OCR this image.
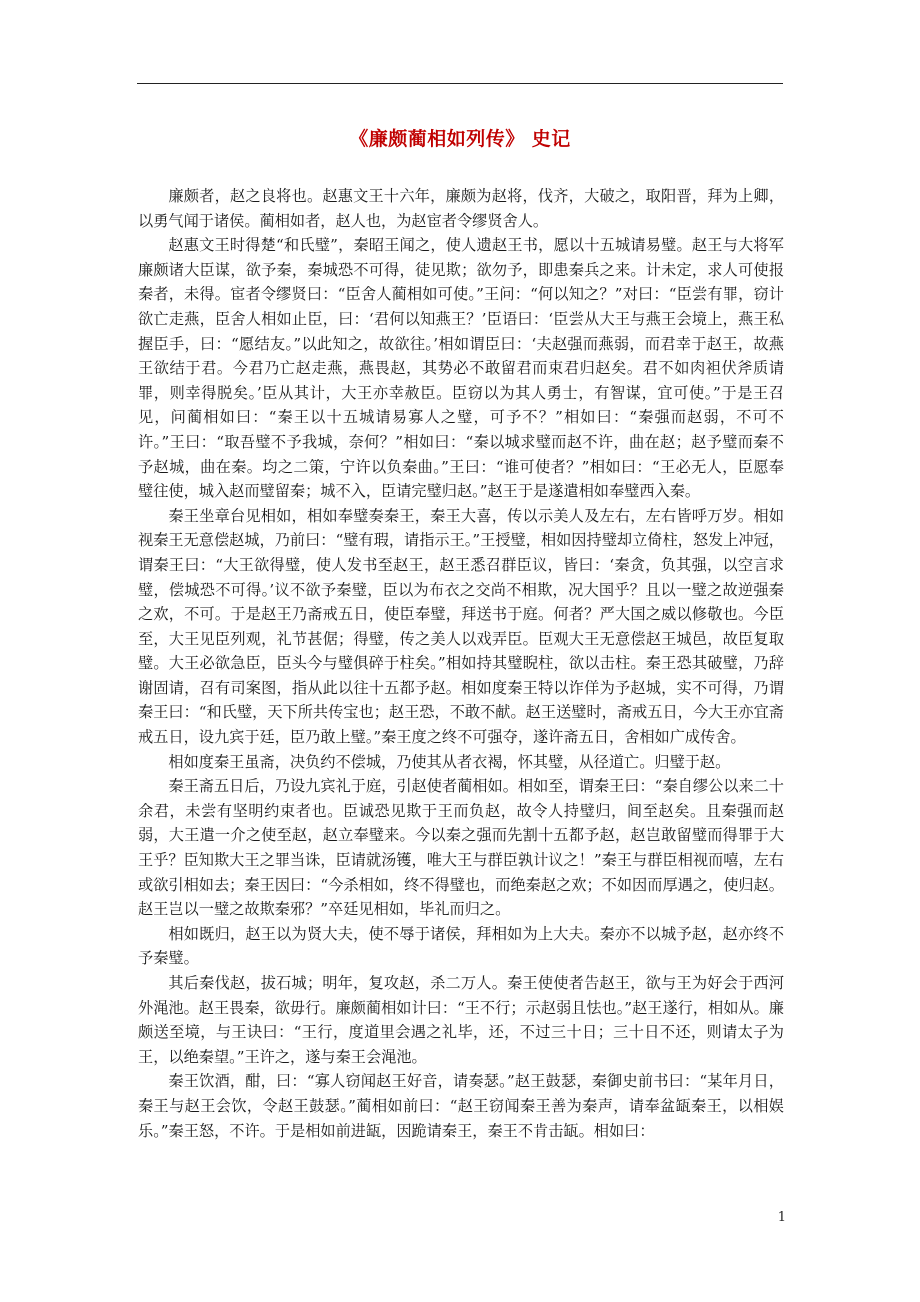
《廉颇蔺相如列传》 史记

廉颇者，赵之良将也。赵惠文王十六年，廉颇为赵将，伐齐，大破之，取阳晋，拜为上卿，以勇气闻于诸侯。蔺相如者，赵人也，为赵宦者令缪贤舍人。

赵惠文王时得楚“和氏璧”，秦昭王闻之，使人遗赵王书，愿以十五城请易璧。赵王与大将军廉颇诸大臣谋，欲予秦，秦城恐不可得，徒见欺；欲勿予，即患秦兵之来。计未定，求人可使报秦者，未得。宦者令缪贤曰：“臣舍人蔺相如可使。”王问：“何以知之？”对曰：“臣尝有罪，窃计欲亡走燕，臣舍人相如止臣，曰：‘君何以知燕王？’臣语曰：‘臣尝从大王与燕王会境上，燕王私握臣手，曰：“愿结友。”以此知之，故欲往。’相如谓臣曰：‘夫赵强而燕弱，而君幸于赵王，故燕王欲结于君。今君乃亡赵走燕，燕畏赵，其势必不敢留君而束君归赵矣。君不如肉袒伏斧质请罪，则幸得脱矣。’臣从其计，大王亦幸赦臣。臣窃以为其人勇士，有智谋，宜可使。”于是王召见，问蔺相如曰：“秦王以十五城请易寡人之璧，可予不？”相如曰：“秦强而赵弱，不可不许。”王曰：“取吾璧不予我城，奈何？”相如曰：“秦以城求璧而赵不许，曲在赵；赵予璧而秦不予赵城，曲在秦。均之二策，宁许以负秦曲。”王曰：“谁可使者？”相如曰：“王必无人，臣愿奉璧往使，城入赵而璧留秦；城不入，臣请完璧归赵。”赵王于是遂遣相如奉璧西入秦。

秦王坐章台见相如，相如奉璧奏秦王，秦王大喜，传以示美人及左右，左右皆呼万岁。相如视秦王无意偿赵城，乃前曰：“璧有瑕，请指示王。”王授璧，相如因持璧却立倚柱，怒发上冲冠，谓秦王曰：“大王欲得璧，使人发书至赵王，赵王悉召群臣议，皆曰：‘秦贪，负其强，以空言求璧，偿城恐不可得。’议不欲予秦璧，臣以为布衣之交尚不相欺，况大国乎？且以一璧之故逆强秦之欢，不可。于是赵王乃斋戒五日，使臣奉璧，拜送书于庭。何者？严大国之威以修敬也。今臣至，大王见臣列观，礼节甚倨；得璧，传之美人以戏弄臣。臣观大王无意偿赵王城邑，故臣复取璧。大王必欲急臣，臣头今与璧俱碎于柱矣。”相如持其璧睨柱，欲以击柱。秦王恐其破璧，乃辞谢固请，召有司案图，指从此以往十五都予赵。相如度秦王特以诈佯为予赵城，实不可得，乃谓秦王曰：“和氏璧，天下所共传宝也；赵王恐，不敢不献。赵王送璧时，斋戒五日，今大王亦宜斋戒五日，设九宾于廷，臣乃敢上璧。”秦王度之终不可强夺，遂许斋五日，舍相如广成传舍。

相如度秦王虽斋，决负约不偿城，乃使其从者衣褐，怀其璧，从径道亡。归璧于赵。

秦王斋五日后，乃设九宾礼于庭，引赵使者蔺相如。相如至，谓秦王曰：“秦自缪公以来二十余君，未尝有坚明约束者也。臣诚恐见欺于王而负赵，故令人持璧归，间至赵矣。且秦强而赵弱，大王遣一介之使至赵，赵立奉璧来。今以秦之强而先割十五都予赵，赵岂敢留璧而得罪于大王乎？臣知欺大王之罪当诛，臣请就汤镬，唯大王与群臣孰计议之！”秦王与群臣相视而嘻，左右或欲引相如去；秦王因曰：“今杀相如，终不得璧也，而绝秦赵之欢；不如因而厚遇之，使归赵。赵王岂以一璧之故欺秦邪？”卒廷见相如，毕礼而归之。

相如既归，赵王以为贤大夫，使不辱于诸侯，拜相如为上大夫。秦亦不以城予赵，赵亦终不予秦璧。

其后秦伐赵，拔石城；明年，复攻赵，杀二万人。秦王使使者告赵王，欲与王为好会于西河外渑池。赵王畏秦，欲毋行。廉颇蔺相如计曰：“王不行；示赵弱且怯也。”赵王遂行，相如从。廉颇送至境，与王诀曰：“王行，度道里会遇之礼毕，还，不过三十日；三十日不还，则请太子为王，以绝秦望。”王许之，遂与秦王会渑池。

秦王饮酒，酣，曰：“寡人窃闻赵王好音，请奏瑟。”赵王鼓瑟，秦御史前书曰：“某年月日，秦王与赵王会饮，令赵王鼓瑟。”蔺相如前曰：“赵王窃闻秦王善为秦声，请奉盆缻秦王，以相娱乐。”秦王怒，不许。于是相如前进缻，因跪请秦王，秦王不肯击缻。相如曰：

1
